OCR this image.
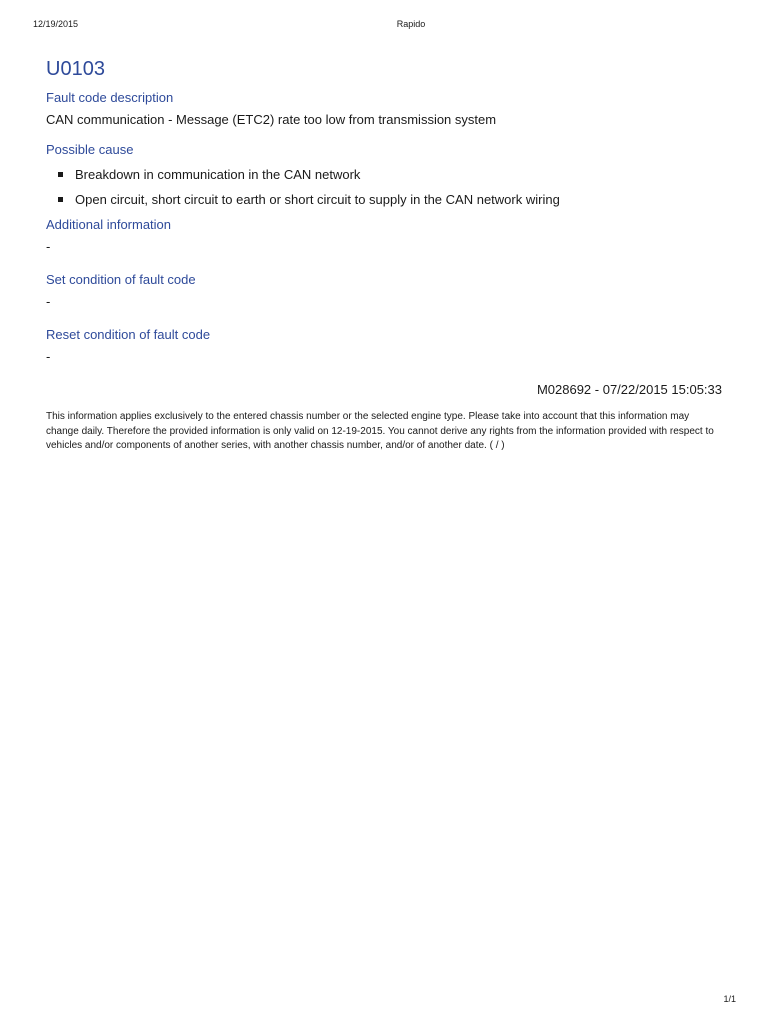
12/19/2015	Rapido
U0103
Fault code description

CAN communication - Message (ETC2) rate too low from transmission system

Possible cause
Breakdown in communication in the CAN network
Open circuit, short circuit to earth or short circuit to supply in the CAN network wiring
Additional information

-

Set condition of fault code

-

Reset condition of fault code

-

M028692 - 07/22/2015 15:05:33

This information applies exclusively to the entered chassis number or the selected engine type. Please take into account that this information may change daily. Therefore the provided information is only valid on 12-19-2015. You cannot derive any rights from the information provided with respect to vehicles and/or components of another series, with another chassis number, and/or of another date. ( / )

1/1
